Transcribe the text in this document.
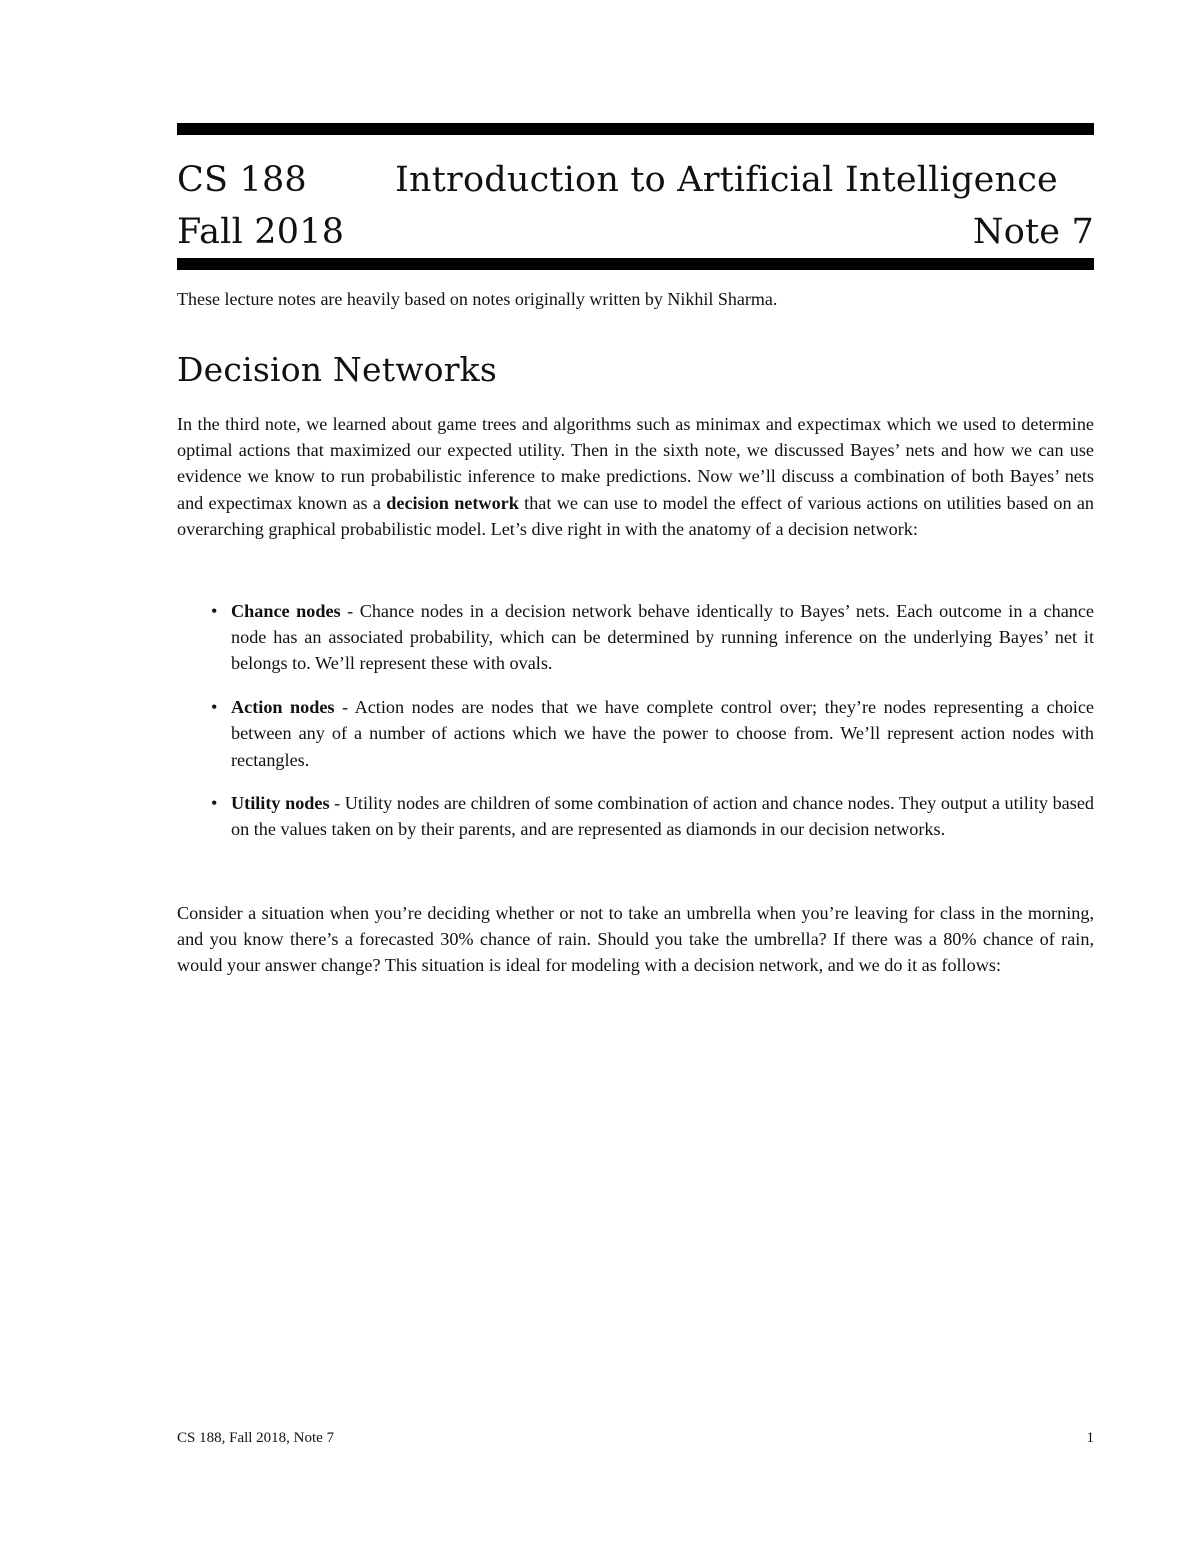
CS 188	Introduction to Artificial Intelligence
Fall 2018	Note 7
These lecture notes are heavily based on notes originally written by Nikhil Sharma.
Decision Networks

In the third note, we learned about game trees and algorithms such as minimax and expectimax which we used to determine optimal actions that maximized our expected utility. Then in the sixth note, we discussed Bayes’ nets and how we can use evidence we know to run probabilistic inference to make predictions. Now we’ll discuss a combination of both Bayes’ nets and expectimax known as a decision network that we can use to model the effect of various actions on utilities based on an overarching graphical probabilistic model. Let’s dive right in with the anatomy of a decision network:

• Chance nodes - Chance nodes in a decision network behave identically to Bayes’ nets. Each outcome in a chance node has an associated probability, which can be determined by running inference on the underlying Bayes’ net it belongs to. We’ll represent these with ovals.
• Action nodes - Action nodes are nodes that we have complete control over; they’re nodes representing a choice between any of a number of actions which we have the power to choose from. We’ll represent action nodes with rectangles.
• Utility nodes - Utility nodes are children of some combination of action and chance nodes. They output a utility based on the values taken on by their parents, and are represented as diamonds in our decision networks.

Consider a situation when you’re deciding whether or not to take an umbrella when you’re leaving for class in the morning, and you know there’s a forecasted 30% chance of rain. Should you take the umbrella? If there was a 80% chance of rain, would your answer change? This situation is ideal for modeling with a decision network, and we do it as follows:

CS 188, Fall 2018, Note 7	1
